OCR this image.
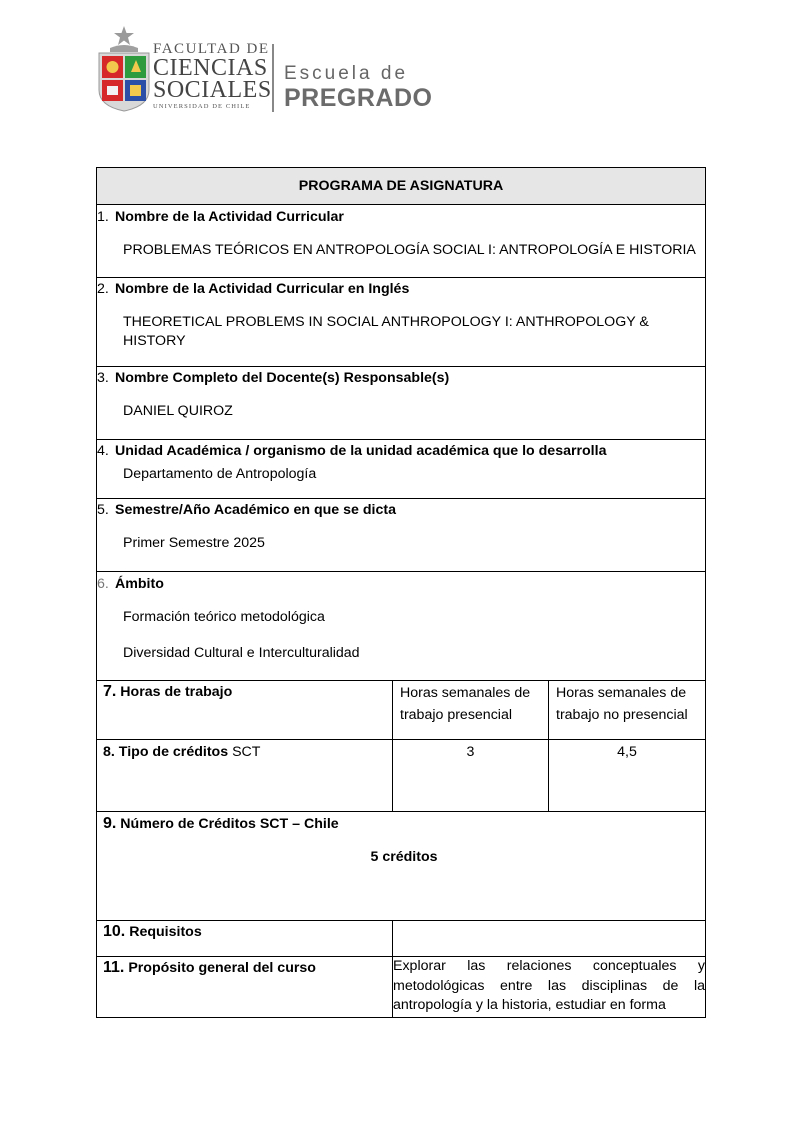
FACULTAD DE
CIENCIAS
SOCIALES
UNIVERSIDAD DE CHILE
Escuela de
PREGRADO
PROGRAMA DE ASIGNATURA		

1. Nombre de la Actividad Curricular
PROBLEMAS TEÓRICOS EN ANTROPOLOGÍA SOCIAL I: ANTROPOLOGÍA E HISTORIA		

2. Nombre de la Actividad Curricular en Inglés
THEORETICAL PROBLEMS IN SOCIAL ANTHROPOLOGY I: ANTHROPOLOGY & HISTORY		

3. Nombre Completo del Docente(s) Responsable(s)
DANIEL QUIROZ		

4. Unidad Académica / organismo de la unidad académica que lo desarrolla
Departamento de Antropología		

5. Semestre/Año Académico en que se dicta
Primer Semestre 2025		

6. Ámbito
Formación teórico metodológica
Diversidad Cultural e Interculturalidad		

7. Horas de trabajo	Horas semanales de trabajo presencial	Horas semanales de trabajo no presencial

8. Tipo de créditos SCT	3	4,5

9. Número de Créditos SCT – Chile
5 créditos		

10. Requisitos		

11. Propósito general del curso	Explorar las relaciones conceptuales y metodológicas entre las disciplinas de la antropología y la historia, estudiar en forma	
